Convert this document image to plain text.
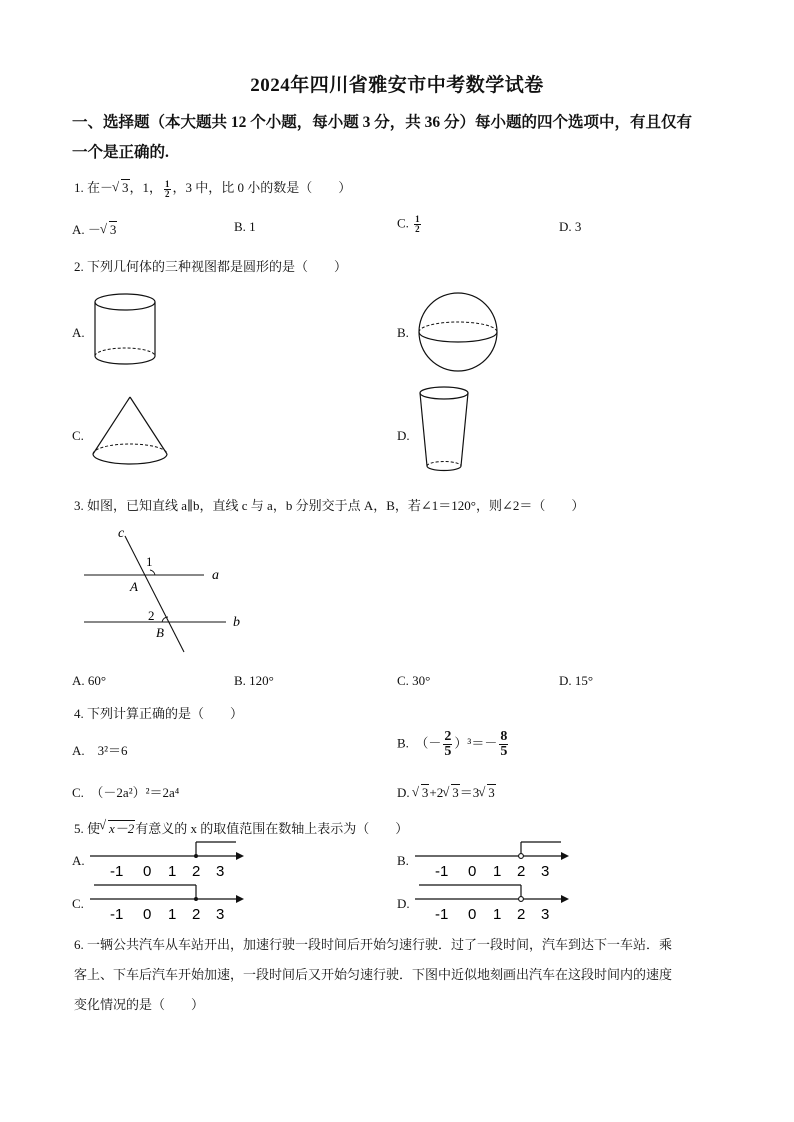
2024年四川省雅安市中考数学试卷
一、选择题（本大题共 12 个小题，每小题 3 分，共 36 分）每小题的四个选项中，有且仅有
一个是正确的.
1. 在－ √ 3，1， $\frac{1}{2}$ ，3 中，比 0 小的数是（　　）
A. － √ 3	B. 1	C. $\frac{1}{2}$	D. 3
2. 下列几何体的三种视图都是圆形的是（　　）
A.	B.
C.	D.
3. 如图，已知直线 a∥b，直线 c 与 a，b 分别交于点 A，B，若∠1＝120°，则∠2＝（　　）
c
1
a
A
2	b
B
A. 60°	B. 120°	C. 30°	D. 15°
4. 下列计算正确的是（　　）
A.　3²＝6
B.　（－ $\frac{2}{5} )^3=- \frac{8}{5}$
C.　（－2a²）²＝2a⁴	D. √ 3+2 √ 3＝3 √ 3
5. 使 √ x－2有意义的 x 的取值范围在数轴上表示为（　　）
A.	B.
C.	D.
-1 0 1 2 3	-1 0 1 2 3
-1 0 1 2 3	-1 0 1 2 3
6. 一辆公共汽车从车站开出，加速行驶一段时间后开始匀速行驶．过了一段时间，汽车到达下一车站．乘
客上、下车后汽车开始加速，一段时间后又开始匀速行驶．下图中近似地刻画出汽车在这段时间内的速度
变化情况的是（　　）
